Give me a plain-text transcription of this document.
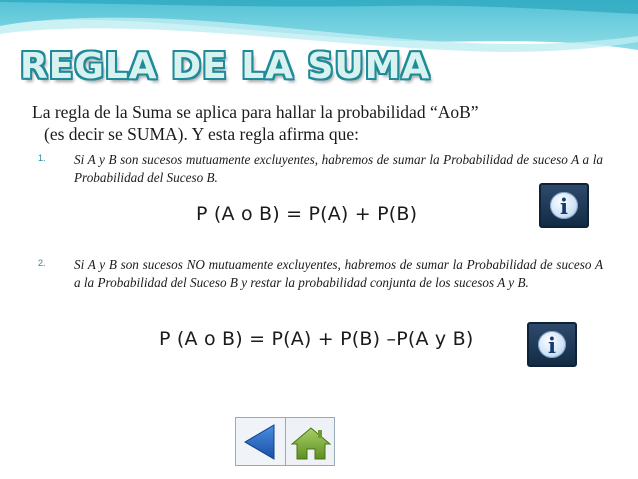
REGLA DE LA SUMA

La regla de la Suma se aplica para hallar la probabilidad “AoB”
(es decir se SUMA). Y esta regla afirma que:

1. Si A y B son sucesos mutuamente excluyentes, habremos de sumar la Probabilidad de suceso A a la Probabilidad del Suceso B.
P (A o B) = P(A) + P(B)	i
2. Si A y B son sucesos NO mutuamente excluyentes, habremos de sumar la Probabilidad de suceso A a la Probabilidad del Suceso B y restar la probabilidad conjunta de los sucesos A y B.
P (A o B) = P(A) + P(B) –P(A y B)	i
